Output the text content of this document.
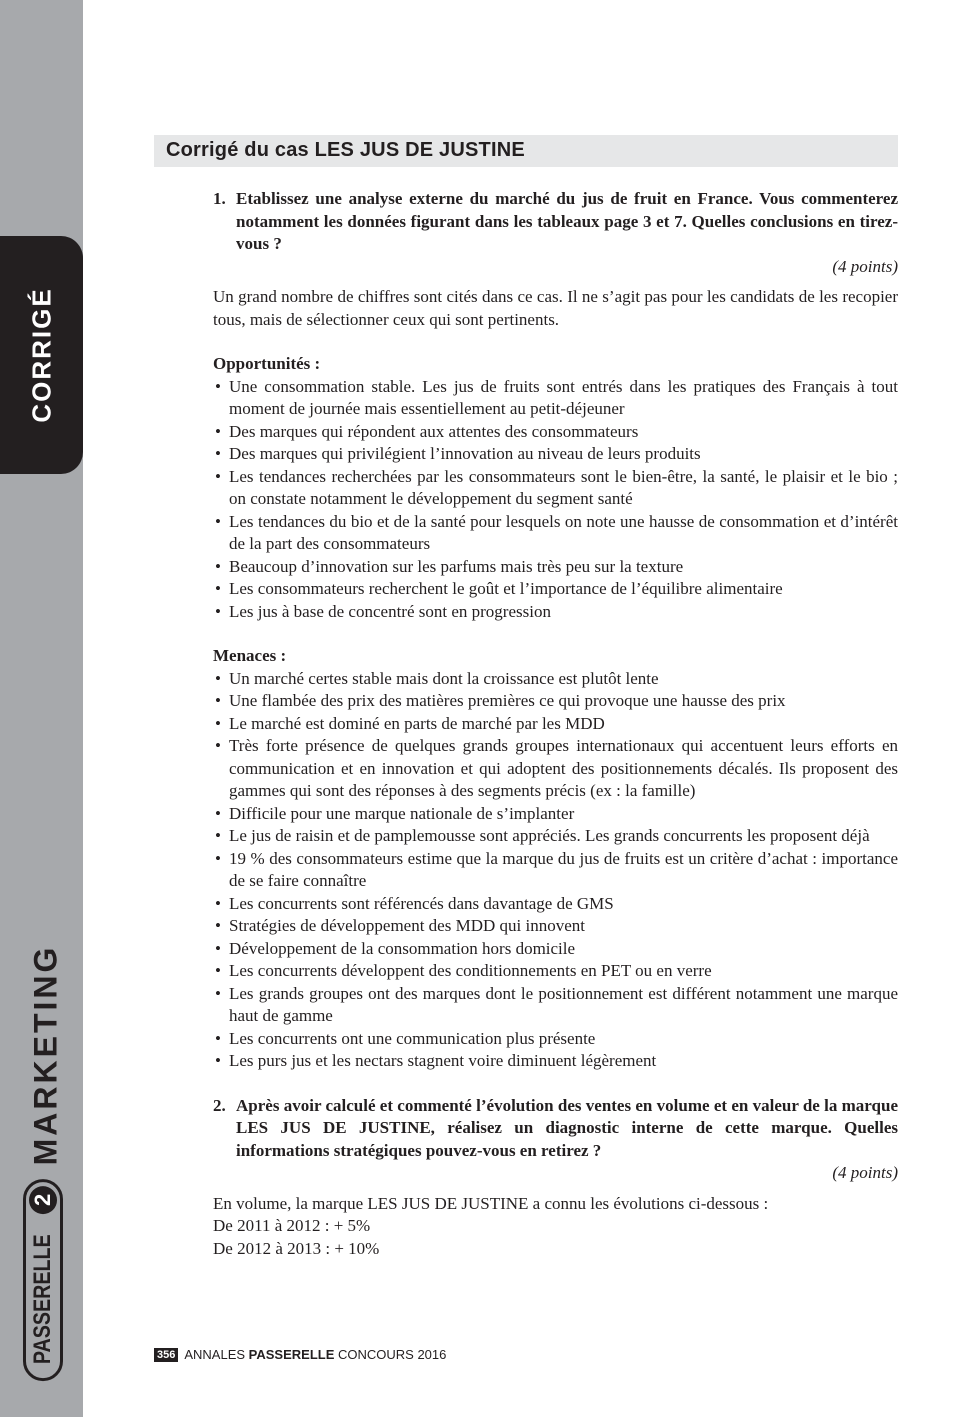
CORRIGÉ
MARKETING
PASSERELLE
2
Corrigé du cas LES JUS DE JUSTINE
1. Etablissez une analyse externe du marché du jus de fruit en France. Vous commenterez notamment les données figurant dans les tableaux page 3 et 7. Quelles conclusions en tirez-vous ?
(4 points)

Un grand nombre de chiffres sont cités dans ce cas. Il ne s’agit pas pour les candidats de les recopier tous, mais de sélectionner ceux qui sont pertinents.

Opportunités :
• Une consommation stable. Les jus de fruits sont entrés dans les pratiques des Français à tout moment de journée mais essentiellement au petit-déjeuner
• Des marques qui répondent aux attentes des consommateurs
• Des marques qui privilégient l’innovation au niveau de leurs produits
• Les tendances recherchées par les consommateurs sont le bien-être, la santé, le plaisir et le bio ; on constate notamment le développement du segment santé
• Les tendances du bio et de la santé pour lesquels on note une hausse de consommation et d’intérêt de la part des consommateurs
• Beaucoup d’innovation sur les parfums mais très peu sur la texture
• Les consommateurs recherchent le goût et l’importance de l’équilibre alimentaire
• Les jus à base de concentré sont en progression
Menaces :
• Un marché certes stable mais dont la croissance est plutôt lente
• Une flambée des prix des matières premières ce qui provoque une hausse des prix
• Le marché est dominé en parts de marché par les MDD
• Très forte présence de quelques grands groupes internationaux qui accentuent leurs efforts en communication et en innovation et qui adoptent des positionnements décalés. Ils proposent des gammes qui sont des réponses à des segments précis (ex : la famille)
• Difficile pour une marque nationale de s’implanter
• Le jus de raisin et de pamplemousse sont appréciés. Les grands concurrents les proposent déjà
• 19 % des consommateurs estime que la marque du jus de fruits est un critère d’achat : importance de se faire connaître
• Les concurrents sont référencés dans davantage de GMS
• Stratégies de développement des MDD qui innovent
• Développement de la consommation hors domicile
• Les concurrents développent des conditionnements en PET ou en verre
• Les grands groupes ont des marques dont le positionnement est différent notamment une marque haut de gamme
• Les concurrents ont une communication plus présente
• Les purs jus et les nectars stagnent voire diminuent légèrement
2. Après avoir calculé et commenté l’évolution des ventes en volume et en valeur de la marque LES JUS DE JUSTINE, réalisez un diagnostic interne de cette marque. Quelles informations stratégiques pouvez-vous en retirez ?
(4 points)

En volume, la marque LES JUS DE JUSTINE a connu les évolutions ci-dessous :

De 2011 à 2012 : + 5%

De 2012 à 2013 : + 10%

356 ANNALES PASSERELLE CONCOURS 2016
